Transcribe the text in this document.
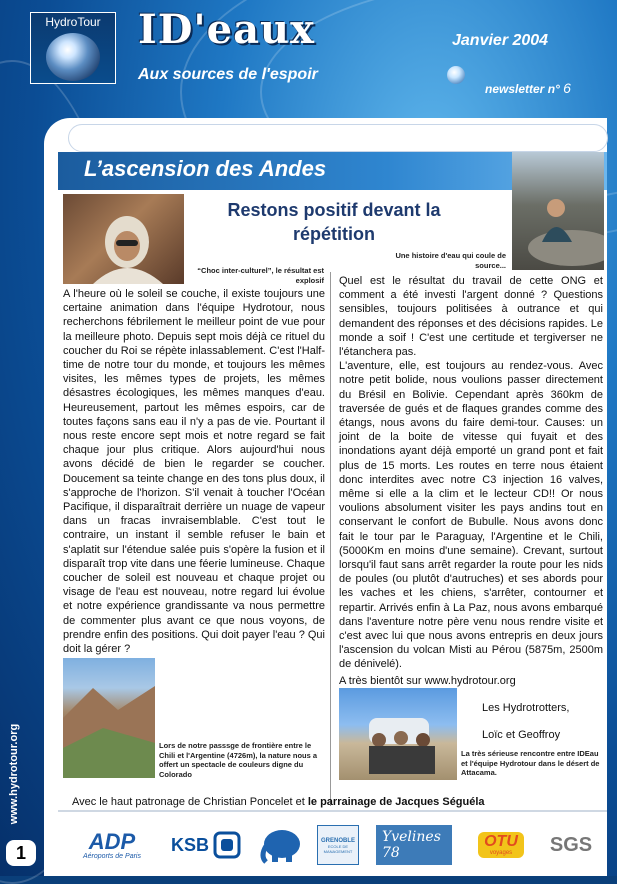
HydroTour ID'eaux
Aux sources de l'espoir
Janvier 2004
newsletter n° 6
L’ascension des Andes
Restons positif devant la répétition
“Choc inter-culturel”, le résultat est explosif
Une histoire d'eau qui coule de source...

A l'heure où le soleil se couche, il existe toujours une certaine animation dans l'équipe Hydrotour, nous recherchons fébrilement le meilleur point de vue pour la meilleure photo. Depuis sept mois déjà ce rituel du coucher du Roi se répète inlassablement. C'est l'Half-time de notre tour du monde, et toujours les mêmes visites, les mêmes types de projets, les mêmes désastres écologiques, les mêmes manques d'eau. Heureusement, partout les mêmes espoirs, car de toutes façons sans eau il n'y a pas de vie. Pourtant il nous reste encore sept mois et notre regard se fait chaque jour plus critique. Alors aujourd'hui nous avons décidé de bien le regarder se coucher. Doucement sa teinte change en des tons plus doux, il s'approche de l'horizon. S'il venait à toucher l'Océan Pacifique, il disparaîtrait derrière un nuage de vapeur dans un fracas invraisemblable. C'est tout le contraire, un instant il semble refuser le bain et s'aplatit sur l'étendue salée puis s'opère la fusion et il disparaît trop vite dans une féerie lumineuse. Chaque coucher de soleil est nouveau et chaque projet ou visage de l'eau est nouveau, notre regard lui évolue et notre expérience grandissante va nous permettre de commenter plus avant ce que nous voyons, de prendre enfin des positions. Qui doit payer l'eau ? Qui doit la gérer ?

Quel est le résultat du travail de cette ONG et comment a été investi l'argent donné ? Questions sensibles, toujours politisées à outrance et qui demandent des réponses et des décisions rapides. Le monde a soif ! C'est une certitude et tergiverser ne l'étanchera pas.

L'aventure, elle, est toujours au rendez-vous. Avec notre petit bolide, nous voulions passer directement du Brésil en Bolivie. Cependant après 360km de traversée de gués et de flaques grandes comme des étangs, nous avons du faire demi-tour. Causes: un joint de la boite de vitesse qui fuyait et des inondations ayant déjà emporté un grand pont et fait plus de 15 morts. Les routes en terre nous étaient donc interdites avec notre C3 injection 16 valves, même si elle a la clim et le lecteur CD!! Or nous voulions absolument visiter les pays andins tout en conservant le confort de Bubulle. Nous avons donc fait le tour par le Paraguay, l'Argentine et le Chili, (5000Km en moins d'une semaine). Crevant, surtout lorsqu'il faut sans arrêt regarder la route pour les nids de poules (ou plutôt d'autruches) et ses abords pour les vaches et les chiens, s'arrêter, contourner et repartir. Arrivés enfin à La Paz, nous avons embarqué dans l'aventure notre père venu nous rendre visite et c'est avec lui que nous avons entrepris en deux jours l'ascension du volcan Misti au Pérou (5875m, 2500m de dénivelé).

A très bientôt sur www.hydrotour.org
Les Hydrotrotters,
Loïc et Geoffroy
Lors de notre passsge de frontière entre le Chili et l'Argentine (4726m), la nature nous a offert un spectacle de couleurs digne du Colorado
La très sérieuse rencontre entre IDEau et l'équipe Hydrotour dans le désert de Attacama.
Avec le haut patronage de Christian Poncelet et le parrainage de Jacques Séguéla
ADP
Aéroports de Paris
KSB	GRENOBLE
ECOLE DE MANAGEMENT
Yvelines 78
OTU
voyages SGS
www.hydrotour.org
1
